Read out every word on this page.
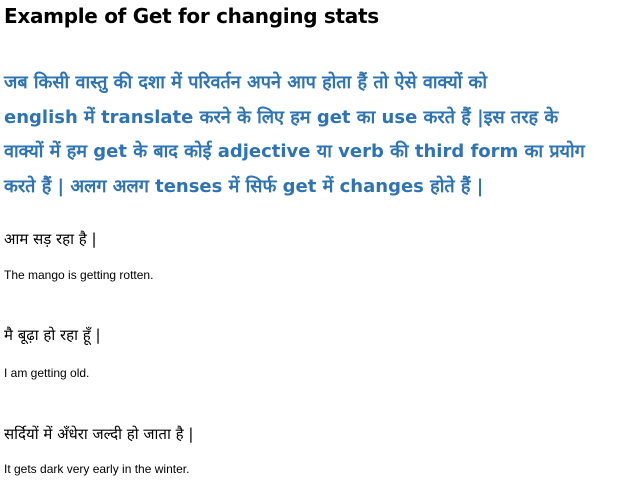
Example of Get for changing stats
जब किसी वास्तु की दशा में परिवर्तन अपने आप होता हैं तो ऐसे वाक्यों को
english में translate करने के लिए हम get का use करते हैं |इस तरह के
वाक्यों में हम get के बाद कोई adjective या verb की third form का प्रयोग
करते हैं | अलग अलग tenses में सिर्फ get में changes होते हैं |
आम सड़ रहा है |
The mango is getting rotten.
मै बूढ़ा हो रहा हूँ |
I am getting old.
सर्दियों में अँधेरा जल्दी हो जाता है |
It gets dark very early in the winter.
